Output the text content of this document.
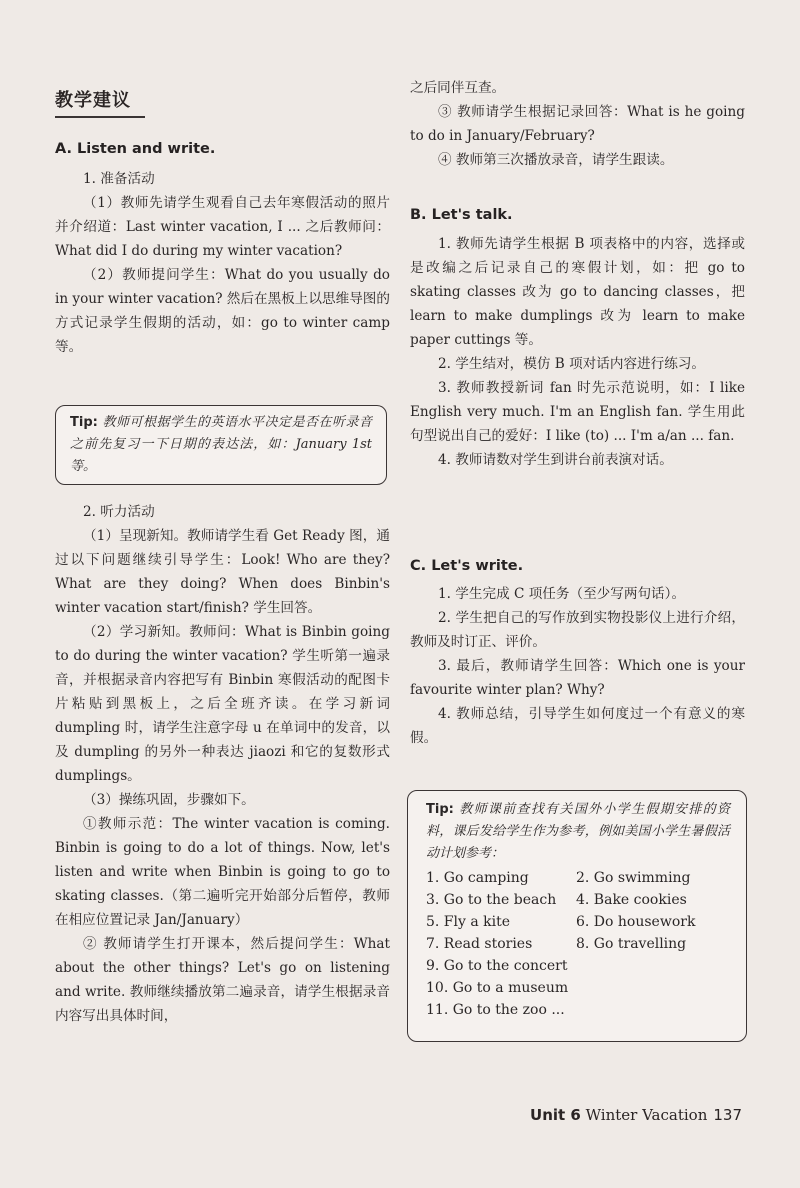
教学建议
A. Listen and write.

1. 准备活动

（1）教师先请学生观看自己去年寒假活动的照片并介绍道：Last winter vacation, I ... 之后教师问：What did I do during my winter vacation?

（2）教师提问学生：What do you usually do in your winter vacation? 然后在黑板上以思维导图的方式记录学生假期的活动，如：go to winter camp 等。

Tip: 教师可根据学生的英语水平决定是否在听录音之前先复习一下日期的表达法，如：January 1st 等。

2. 听力活动

（1）呈现新知。教师请学生看 Get Ready 图，通过以下问题继续引导学生：Look! Who are they? What are they doing? When does Binbin's winter vacation start/finish? 学生回答。

（2）学习新知。教师问：What is Binbin going to do during the winter vacation? 学生听第一遍录音，并根据录音内容把写有 Binbin 寒假活动的配图卡片粘贴到黑板上，之后全班齐读。在学习新词 dumpling 时，请学生注意字母 u 在单词中的发音，以及 dumpling 的另外一种表达 jiaozi 和它的复数形式 dumplings。

（3）操练巩固，步骤如下。

①教师示范：The winter vacation is coming. Binbin is going to do a lot of things. Now, let's listen and write when Binbin is going to go to skating classes.（第二遍听完开始部分后暂停，教师在相应位置记录 Jan/January）

② 教师请学生打开课本，然后提问学生：What about the other things? Let's go on listening and write. 教师继续播放第二遍录音，请学生根据录音内容写出具体时间，

之后同伴互查。

③ 教师请学生根据记录回答：What is he going to do in January/February?

④ 教师第三次播放录音，请学生跟读。

B. Let's talk.

1. 教师先请学生根据 B 项表格中的内容，选择或是改编之后记录自己的寒假计划，如：把 go to skating classes 改为 go to dancing classes，把 learn to make dumplings 改为 learn to make paper cuttings 等。

2. 学生结对，模仿 B 项对话内容进行练习。

3. 教师教授新词 fan 时先示范说明，如：I like English very much. I'm an English fan. 学生用此句型说出自己的爱好：I like (to) ... I'm a/an ... fan.

4. 教师请数对学生到讲台前表演对话。

C. Let's write.

1. 学生完成 C 项任务（至少写两句话）。

2. 学生把自己的写作放到实物投影仪上进行介绍，教师及时订正、评价。

3. 最后，教师请学生回答：Which one is your favourite winter plan? Why?

4. 教师总结，引导学生如何度过一个有意义的寒假。

Tip: 教师课前查找有关国外小学生假期安排的资料，课后发给学生作为参考，例如美国小学生暑假活动计划参考：

1. Go camping	2. Go swimming
3. Go to the beach	4. Bake cookies
5. Fly a kite	6. Do housework
7. Read stories	8. Go travelling
9. Go to the concert
10. Go to a museum
11. Go to the zoo ...
Unit 6 Winter Vacation 137
